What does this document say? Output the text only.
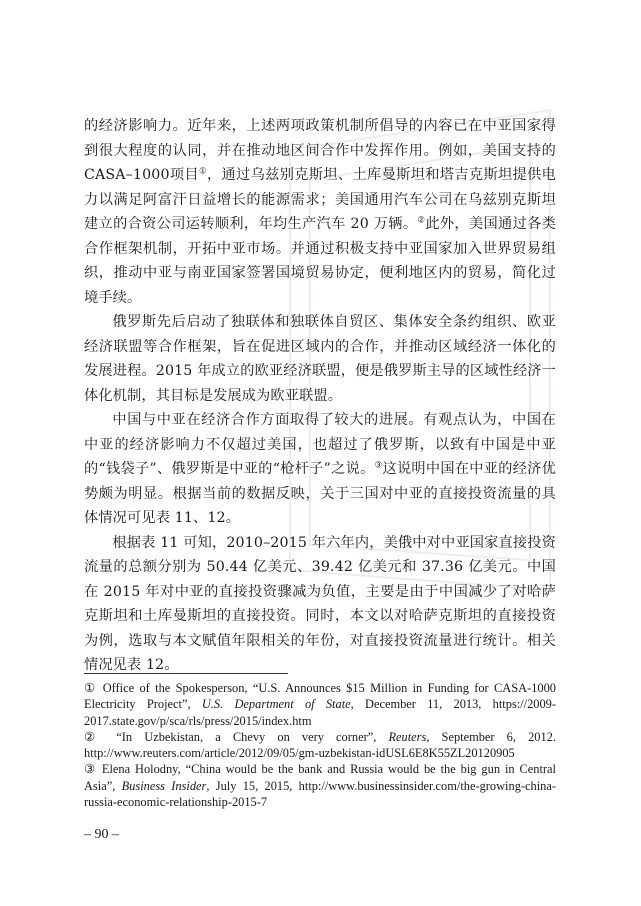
的经济影响力。近年来，上述两项政策机制所倡导的内容已在中亚国家得到很大程度的认同，并在推动地区间合作中发挥作用。例如，美国支持的CASA–1000项目①，通过乌兹别克斯坦、土库曼斯坦和塔吉克斯坦提供电力以满足阿富汗日益增长的能源需求；美国通用汽车公司在乌兹别克斯坦建立的合资公司运转顺利，年均生产汽车 20 万辆。②此外，美国通过各类合作框架机制，开拓中亚市场。并通过积极支持中亚国家加入世界贸易组织，推动中亚与南亚国家签署国境贸易协定，便利地区内的贸易，简化过境手续。

俄罗斯先后启动了独联体和独联体自贸区、集体安全条约组织、欧亚经济联盟等合作框架，旨在促进区域内的合作，并推动区域经济一体化的发展进程。2015 年成立的欧亚经济联盟，便是俄罗斯主导的区域性经济一体化机制，其目标是发展成为欧亚联盟。

中国与中亚在经济合作方面取得了较大的进展。有观点认为，中国在中亚的经济影响力不仅超过美国，也超过了俄罗斯，以致有中国是中亚的“钱袋子”、俄罗斯是中亚的“枪杆子”之说。③这说明中国在中亚的经济优势颇为明显。根据当前的数据反映，关于三国对中亚的直接投资流量的具体情况可见表 11、12。

根据表 11 可知，2010–2015 年六年内，美俄中对中亚国家直接投资流量的总额分别为 50.44 亿美元、39.42 亿美元和 37.36 亿美元。中国在 2015 年对中亚的直接投资骤减为负值，主要是由于中国减少了对哈萨克斯坦和土库曼斯坦的直接投资。同时，本文以对哈萨克斯坦的直接投资为例，选取与本文赋值年限相关的年份，对直接投资流量进行统计。相关情况见表 12。

① Office of the Spokesperson, “U.S. Announces $15 Million in Funding for CASA-1000 Electricity Project”, U.S. Department of State, December 11, 2013, https://2009-2017.state.gov/p/sca/rls/press/2015/index.htm

② “In Uzbekistan, a Chevy on very corner”, Reuters, September 6, 2012. http://www.reuters.com/article/2012/09/05/gm-uzbekistan-idUSL6E8K55ZL20120905

③ Elena Holodny, “China would be the bank and Russia would be the big gun in Central Asia”, Business Insider, July 15, 2015, http://www.businessinsider.com/the-growing-china-russia-economic-relationship-2015-7

– 90 –
